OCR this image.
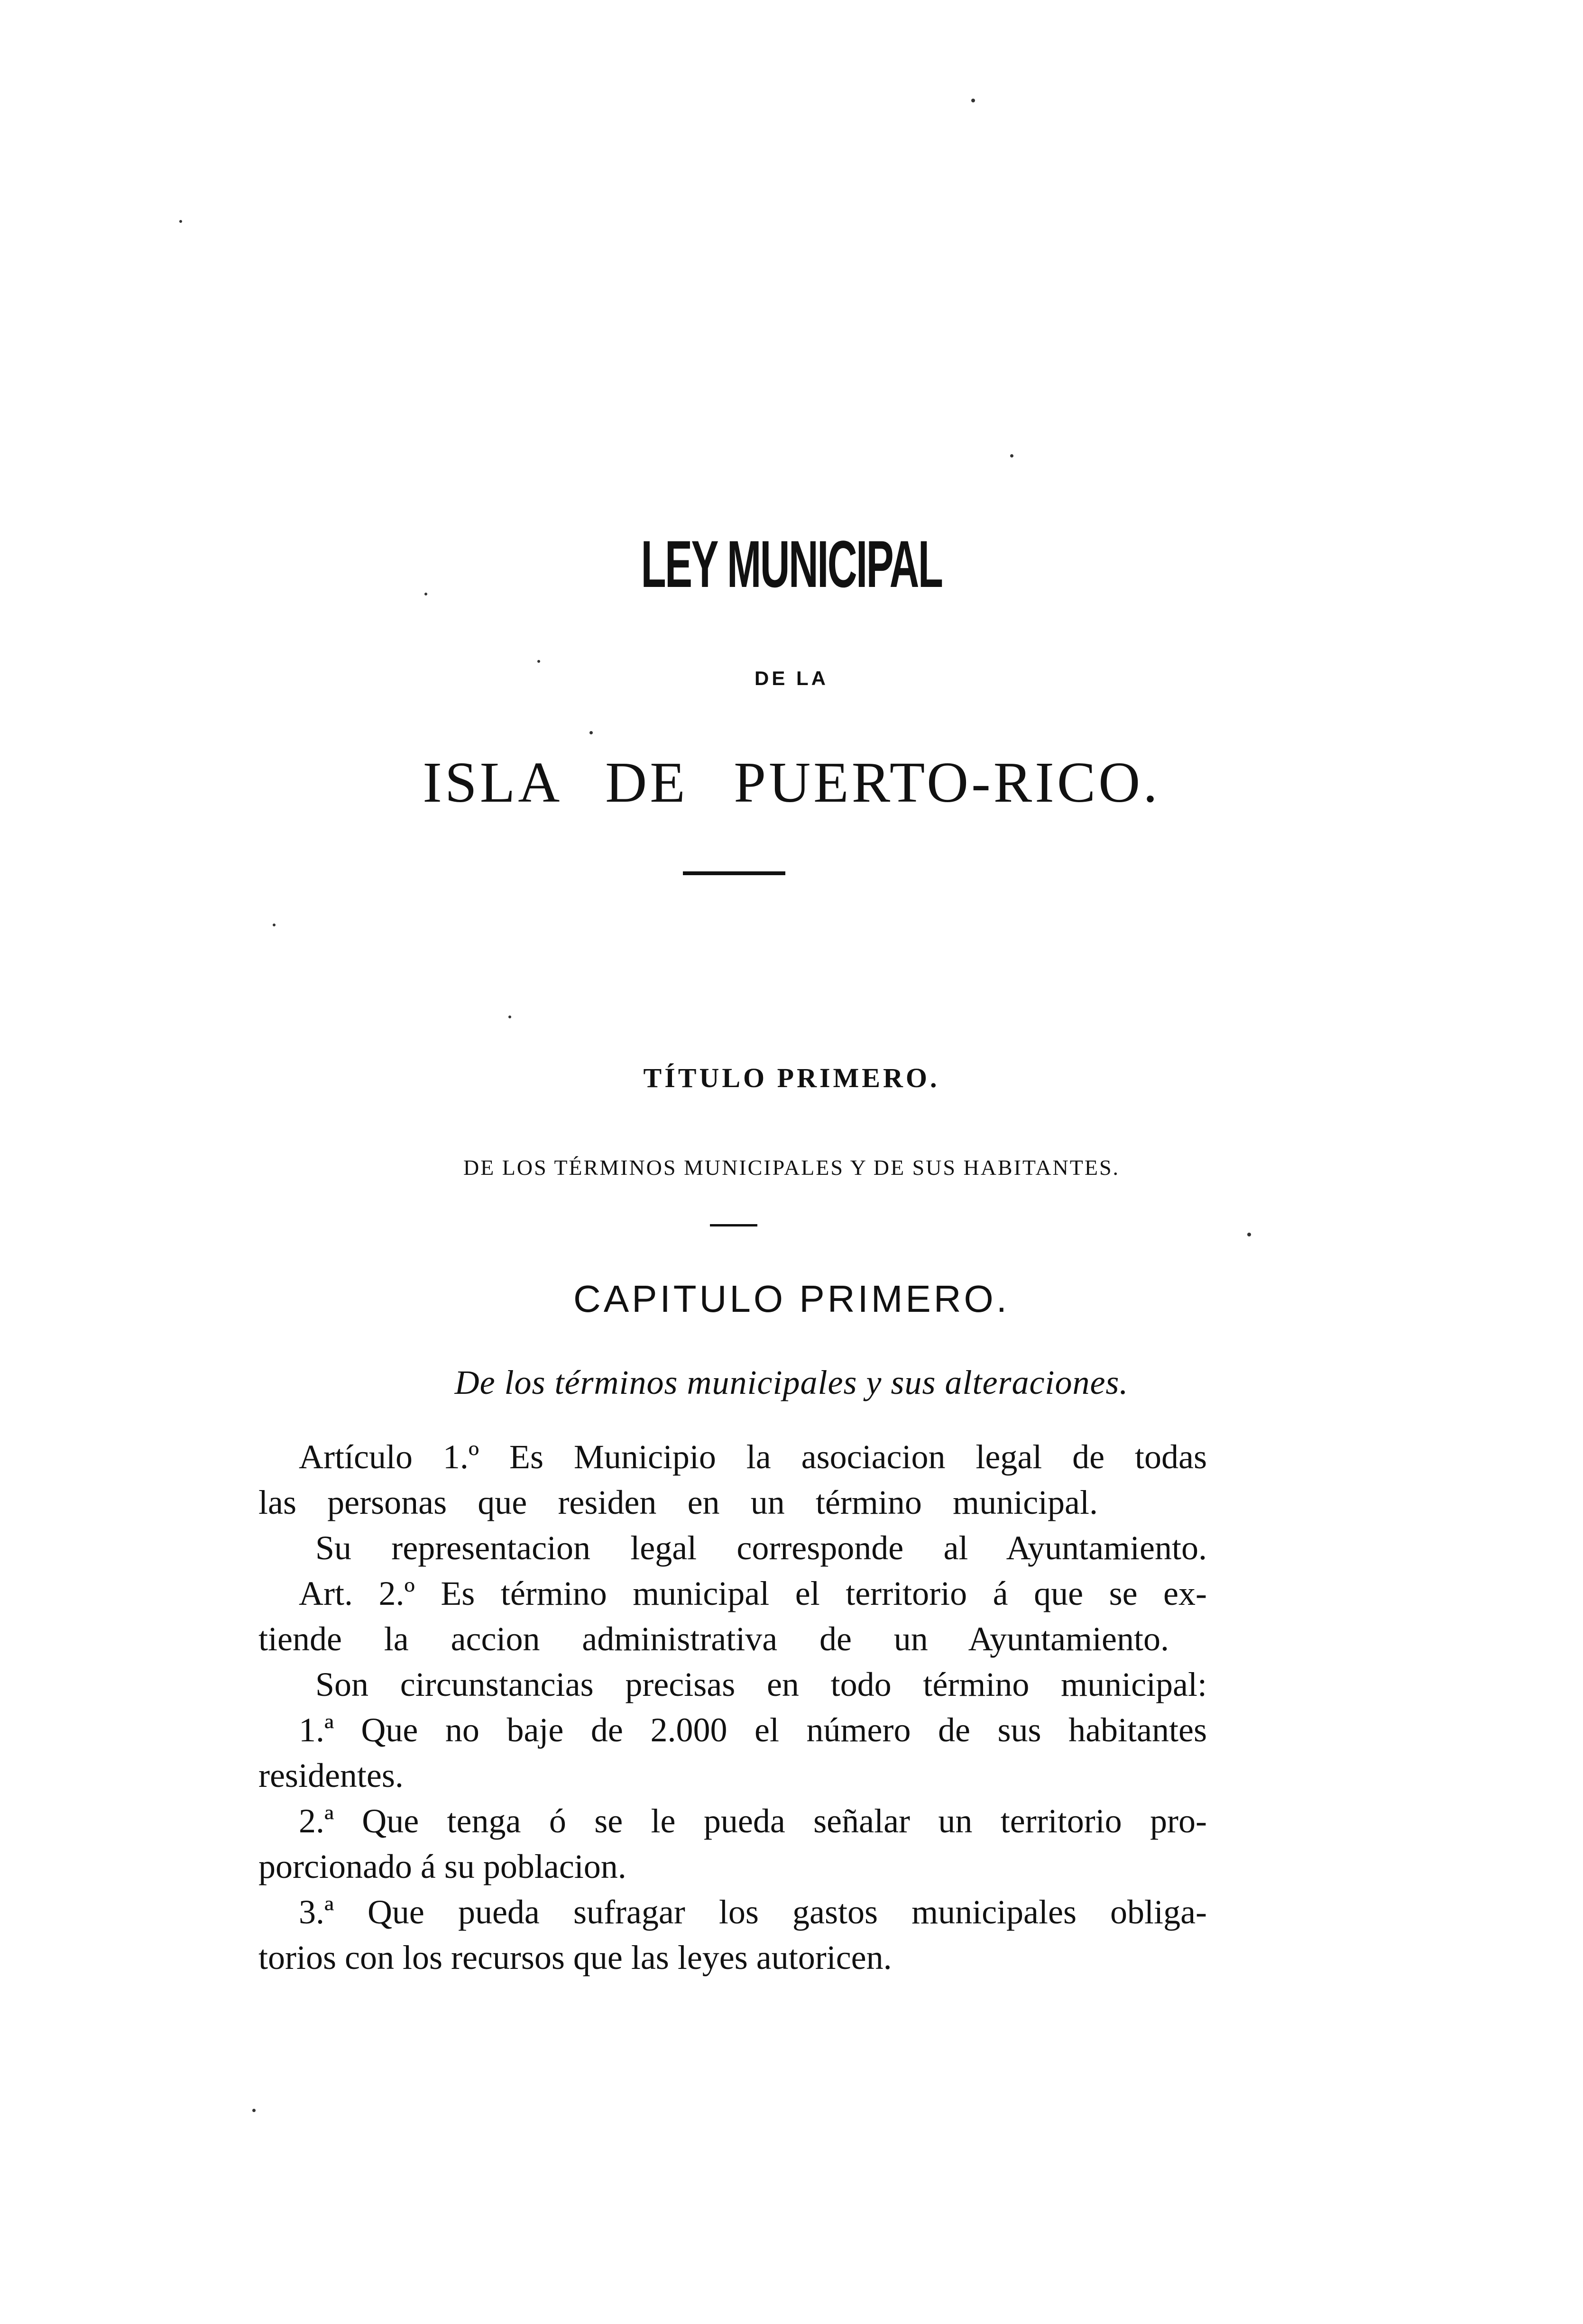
LEY MUNICIPAL
DE LA
ISLA DE PUERTO-RICO.
TÍTULO PRIMERO.
DE LOS TÉRMINOS MUNICIPALES Y DE SUS HABITANTES.
CAPITULO PRIMERO.
De los términos municipales y sus alteraciones.
Artículo 1.º Es Municipio la asociacion legal de todas
las personas que residen en un término municipal.
Su representacion legal corresponde al Ayuntamiento.
Art. 2.º Es término municipal el territorio á que se ex-
tiende la accion administrativa de un Ayuntamiento.
Son circunstancias precisas en todo término municipal:
1.ª Que no baje de 2.000 el número de sus habitantes
residentes.
2.ª Que tenga ó se le pueda señalar un territorio pro-
porcionado á su poblacion.
3.ª Que pueda sufragar los gastos municipales obliga-
torios con los recursos que las leyes autoricen.
